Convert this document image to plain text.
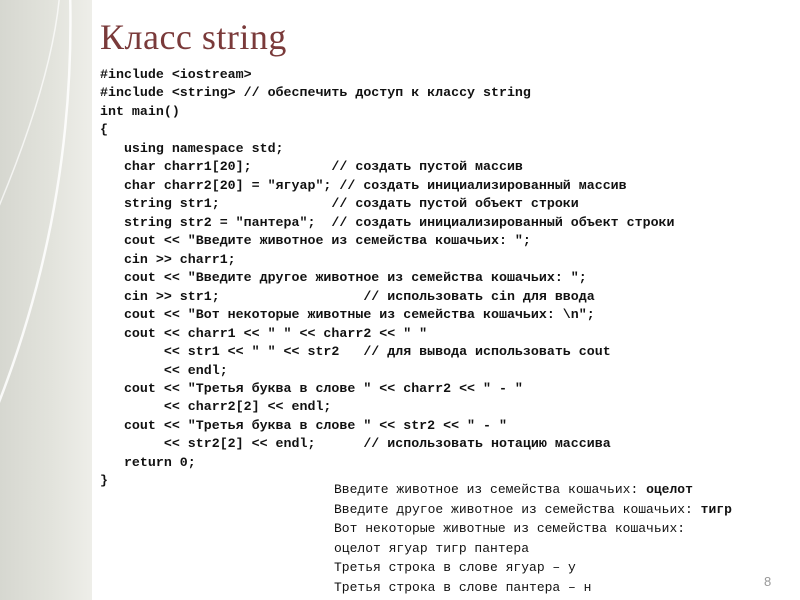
Класс string
#include <iostream>
#include <string> // обеспечить доступ к классу string
int main()
{
using namespace std;
char charr1[20];          // создать пустой массив
char charr2[20] = "ягуар"; // создать инициализированный массив
string str1;              // создать пустой объект строки
string str2 = "пантера";  // создать инициализированный объект строки
cout << "Введите животное из семейства кошачьих: ";
cin >> charr1;
cout << "Введите другое животное из семейства кошачьих: ";
cin >> str1;                  // использовать cin для ввода
cout << "Вот некоторые животные из семейства кошачьих: \n";
cout << charr1 << " " << charr2 << " "
<< str1 << " " << str2   // для вывода использовать cout
<< endl;
cout << "Третья буква в слове " << charr2 << " - "
<< charr2[2] << endl;
cout << "Третья буква в слове " << str2 << " - "
<< str2[2] << endl;      // использовать нотацию массива
return 0;
}
Введите животное из семейства кошачьих: оцелот
Введите другое животное из семейства кошачьих: тигр
Вот некоторые животные из семейства кошачьих:
оцелот ягуар тигр пантера
Третья строка в слове ягуар – у
Третья строка в слове пантера – н	8
